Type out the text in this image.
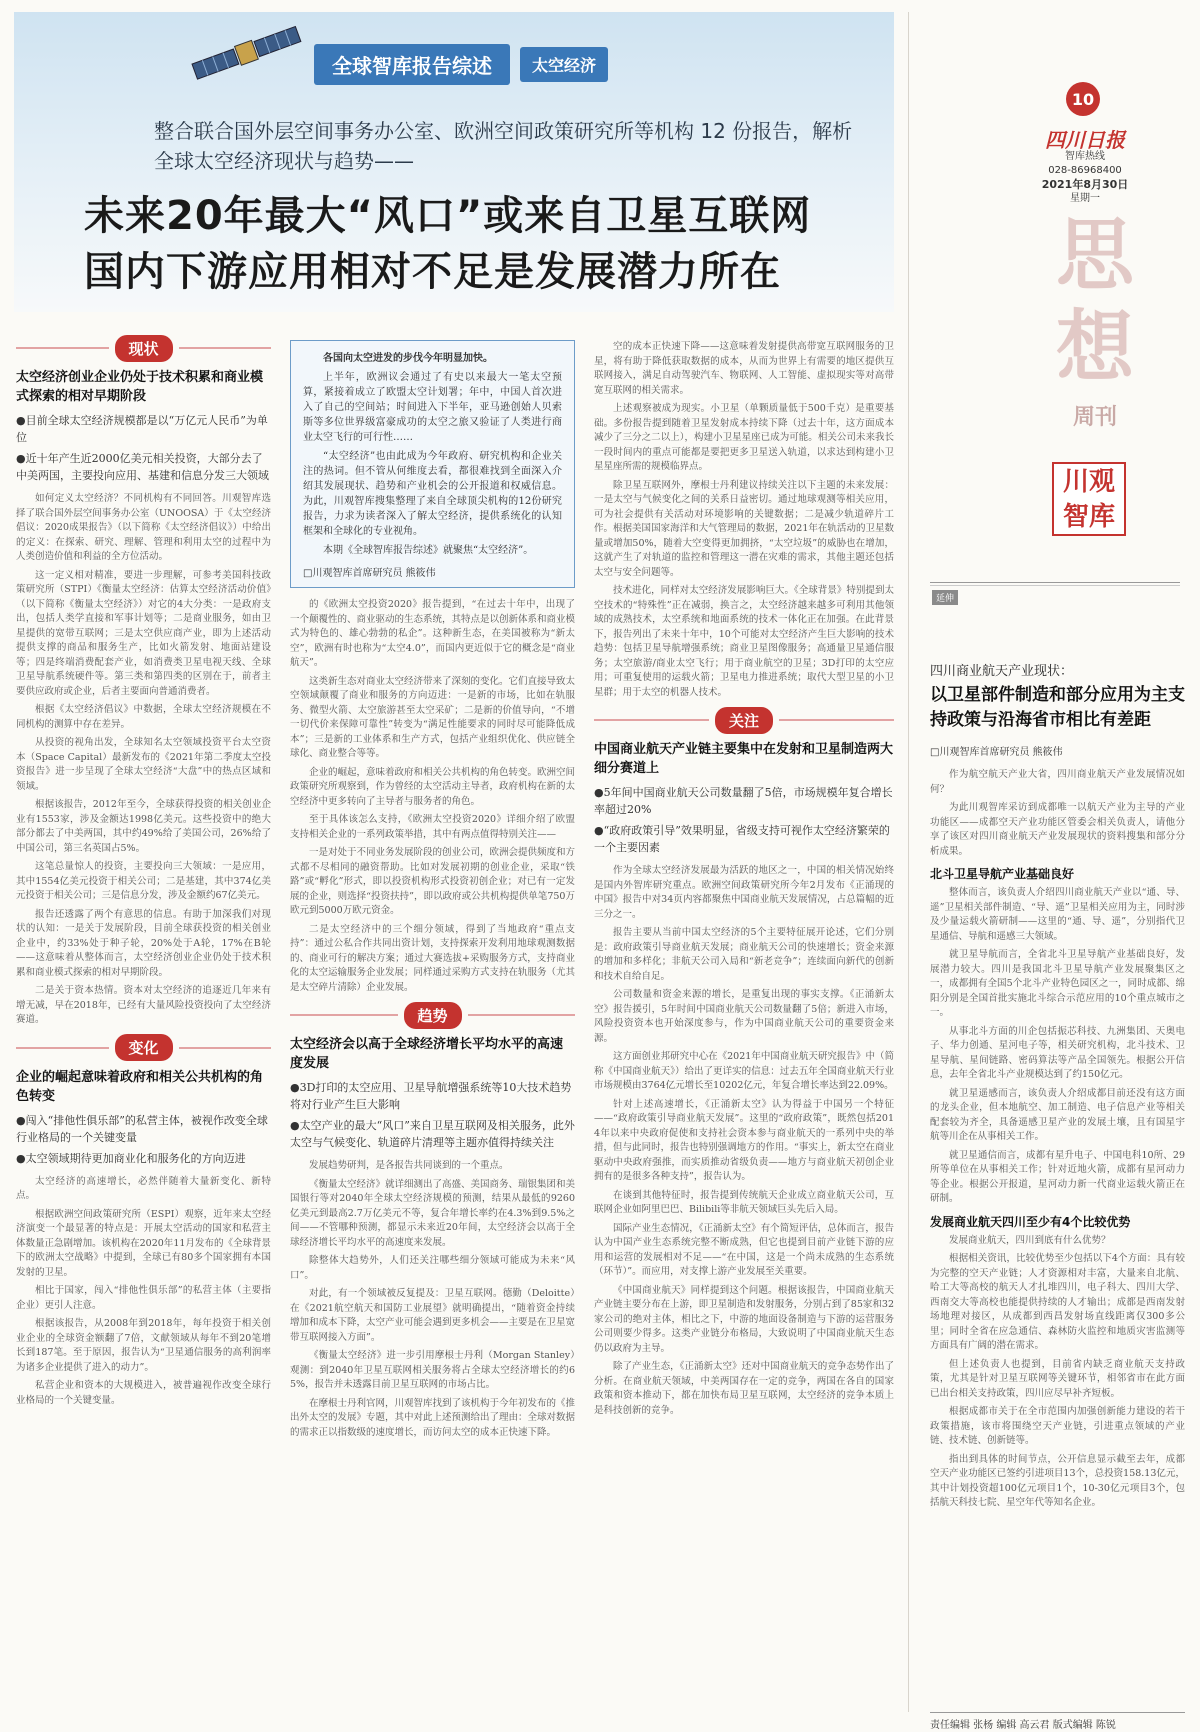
全球智库报告综述	太空经济
整合联合国外层空间事务办公室、欧洲空间政策研究所等机构 12 份报告，解析全球太空经济现状与趋势——
未来20年最大“风口”或来自卫星互联网
国内下游应用相对不足是发展潜力所在
10
四川日报
智库热线
028-86968400
2021年8月30日
星期一
思
想
周刊
川观
智库
延伸
现状
太空经济创业企业仍处于技术积累和商业模式探索的相对早期阶段
●目前全球太空经济规模都是以“万亿元人民币”为单位
●近十年产生近2000亿美元相关投资，大部分去了中美两国，主要投向应用、基建和信息分发三大领域

如何定义太空经济？不同机构有不同回答。川观智库选择了联合国外层空间事务办公室（UNOOSA）于《太空经济倡议：2020成果报告》（以下简称《太空经济倡议》）中给出的定义：在探索、研究、理解、管理和利用太空的过程中为人类创造价值和利益的全方位活动。

这一定义相对精准，要进一步理解，可参考美国科技政策研究所（STPI）《衡量太空经济：估算太空经济活动价值》（以下简称《衡量太空经济》）对它的4大分类：一是政府支出，包括人类学直接和军事计划等；二是商业服务，如由卫星提供的宽带互联网；三是太空供应商产业，即为上述活动提供支撑的商品和服务生产，比如火箭发射、地面站建设等；四是终端消费配套产业，如消费类卫星电视天线、全球卫星导航系统硬件等。第三类和第四类的区别在于，前者主要供应政府或企业，后者主要面向普通消费者。

根据《太空经济倡议》中数据，全球太空经济规模在不同机构的测算中存在差异。

从投资的视角出发，全球知名太空领域投资平台太空资本（Space Capital）最新发布的《2021年第二季度太空投资报告》进一步呈现了全球太空经济“大盘”中的热点区域和领域。

根据该报告，2012年至今，全球获得投资的相关创业企业有1553家，涉及金额达1998亿美元。这些投资中的绝大部分都去了中美两国，其中约49%给了美国公司，26%给了中国公司，第三名英国占5%。

这笔总量惊人的投资，主要投向三大领域：一是应用，其中1554亿美元投资于相关公司；二是基建，其中374亿美元投资于相关公司；三是信息分发，涉及金额约67亿美元。

报告还透露了两个有意思的信息。有助于加深我们对现状的认知：一是关于发展阶段，目前全球获投资的相关创业企业中，约33%处于种子轮，20%处于A轮，17%在B轮——这意味着从整体而言，太空经济创业企业仍处于技术积累和商业模式探索的相对早期阶段。

二是关于资本热情。资本对太空经济的追逐近几年来有增无减，早在2018年，已经有大量风险投资投向了太空经济赛道。

变化
企业的崛起意味着政府和相关公共机构的角色转变
●闯入“排他性俱乐部”的私营主体，被视作改变全球行业格局的一个关键变量
●太空领域期待更加商业化和服务化的方向迈进

太空经济的高速增长，必然伴随着大量新变化、新特点。

根据欧洲空间政策研究所（ESPI）观察，近年来太空经济演变一个最显著的特点是：开展太空活动的国家和私营主体数量正急剧增加。该机构在2020年11月发布的《全球背景下的欧洲太空战略》中提到，全球已有80多个国家拥有本国发射的卫星。

相比于国家，闯入“排他性俱乐部”的私营主体（主要指企业）更引人注意。

根据该报告，从2008年到2018年，每年投资于相关创业企业的全球资金额翻了7倍，文献领域从每年不到20笔增长到187笔。至于原因，报告认为“卫星通信服务的高利润率为诸多企业提供了进入的动力”。

私营企业和资本的大规模进入，被普遍视作改变全球行业格局的一个关键变量。

各国向太空进发的步伐今年明显加快。

上半年，欧洲议会通过了有史以来最大一笔太空预算，紧接着成立了欧盟太空计划署；年中，中国人首次进入了自己的空间站；时间进入下半年，亚马逊创始人贝索斯等多位世界级富豪成功的太空之旅又验证了人类进行商业太空飞行的可行性……

“太空经济”也由此成为今年政府、研究机构和企业关注的热词。但不管从何维度去看，都很难找到全面深入介绍其发展现状、趋势和产业机会的公开报道和权威信息。为此，川观智库搜集整理了来自全球顶尖机构的12份研究报告，力求为读者深入了解太空经济，提供系统化的认知框架和全球化的专业视角。

本期《全球智库报告综述》就聚焦“太空经济”。

□川观智库首席研究员 熊筱伟

的《欧洲太空投资2020》报告提到，“在过去十年中，出现了一个颠覆性的、商业驱动的生态系统，其特点是以创新体系和商业模式为特色的、雄心勃勃的私企”。这种新生态，在美国被称为“新太空”，欧洲有时也称为“太空4.0”，而国内更近似于它的概念是“商业航天”。

这类新生态对商业太空经济带来了深刻的变化。它们直接导致太空领域颠覆了商业和服务的方向迈进：一是新的市场，比如在轨服务、微型火箭、太空旅游甚至太空采矿；二是新的价值导向，“不增一切代价来保障可靠性”转变为“满足性能要求的同时尽可能降低成本”；三是新的工业体系和生产方式，包括产业组织优化、供应链全球化、商业整合等等。

企业的崛起，意味着政府和相关公共机构的角色转变。欧洲空间政策研究所观察到，作为曾经的太空活动主导者，政府机构在新的太空经济中更多转向了主导者与服务者的角色。

至于具体该怎么支持，《欧洲太空投资2020》详细介绍了欧盟支持相关企业的一系列政策举措，其中有两点值得特别关注——

一是对处于不同业务发展阶段的创业公司，欧洲会提供频度和方式都不尽相同的融资帮助。比如对发展初期的创业企业，采取“铁路”或“孵化”形式，即以投资机构形式投资初创企业；对已有一定发展的企业，则选择“投资扶持”，即以政府或公共机构提供单笔750万欧元到5000万欧元资金。

二是太空经济中的三个细分领域，得到了当地政府“重点支持”：通过公私合作共同出资计划，支持探索开发利用地球观测数据的、商业可行的解决方案；通过大赛选拔+采购服务方式，支持商业化的太空运输服务企业发展；同样通过采购方式支持在轨服务（尤其是太空碎片清除）企业发展。

趋势
太空经济会以高于全球经济增长平均水平的高速度发展
●3D打印的太空应用、卫星导航增强系统等10大技术趋势将对行业产生巨大影响
●太空产业的最大“风口”来自卫星互联网及相关服务，此外太空与气候变化、轨道碎片清理等主题亦值得持续关注

发展趋势研判，是各报告共同谈到的一个重点。

《衡量太空经济》就详细测出了高盛、美国商务、瑞银集团和美国银行等对2040年全球太空经济规模的预测，结果从最低的9260亿美元到最高2.7万亿美元不等，复合年增长率约在4.3%到9.5%之间——不管哪种预测，都显示未来近20年间，太空经济会以高于全球经济增长平均水平的高速度来发展。

除整体大趋势外，人们还关注哪些细分领域可能成为未来“风口”。

对此，有一个领域被反复提及：卫星互联网。德勤（Deloitte）在《2021航空航天和国防工业展望》就明确提出，“随着资金持续增加和成本下降，太空产业可能会遇到更多机会——主要是在卫星宽带互联网接入方面”。

《衡量太空经济》进一步引用摩根士丹利（Morgan Stanley）观测：到2040年卫星互联网相关服务将占全球太空经济增长的约65%，报告并未透露目前卫星互联网的市场占比。

在摩根士丹利官网，川观智库找到了该机构于今年初发布的《推出外太空的发展》专题，其中对此上述预测给出了理由：全球对数据的需求正以指数级的速度增长，而访问太空的成本正快速下降。

空的成本正快速下降——这意味着发射提供高带宽互联网服务的卫星，将有助于降低获取数据的成本，从而为世界上有需要的地区提供互联网接入，满足自动驾驶汽车、物联网、人工智能、虚拟现实等对高带宽互联网的相关需求。

上述观察被成为现实。小卫星（单颗质量低于500千克）是重要基础。多份报告提到随着卫星发射成本持续下降（过去十年，这方面成本减少了三分之二以上），构建小卫星星座已成为可能。相关公司未来我长一段时间内的重点可能都是要把更多卫星送入轨道，以求达到构建小卫星星座所需的规模临界点。

除卫星互联网外，摩根士丹利建议持续关注以下主题的未来发展：一是太空与气候变化之间的关系日益密切。通过地球观测等相关应用，可为社会提供有关活动对环境影响的关键数据；二是减少轨道碎片工作。根据美国国家海洋和大气管理局的数据，2021年在轨活动的卫星数量或增加50%，随着大空变得更加拥挤，“太空垃圾”的威胁也在增加，这就产生了对轨道的监控和管理这一潜在灾难的需求，其他主题还包括太空与安全问题等。

技术进化，同样对太空经济发展影响巨大。《全球背景》特别提到太空技术的“特殊性”正在减弱，换言之，太空经济越来越多可利用其他领域的成熟技术，太空系统和地面系统的技术一体化正在加强。在此背景下，报告列出了未来十年中，10个可能对太空经济产生巨大影响的技术趋势：包括卫星导航增强系统；商业卫星图像服务；高通量卫星通信服务；太空旅游/商业太空飞行；用于商业航空的卫星；3D打印的太空应用；可重复使用的运载火箭；卫星电力推进系统；取代大型卫星的小卫星群；用于太空的机器人技术。

关注
中国商业航天产业链主要集中在发射和卫星制造两大细分赛道上
●5年间中国商业航天公司数量翻了5倍，市场规模年复合增长率超过20%
●“政府政策引导”效果明显，省级支持可视作太空经济繁荣的一个主要因素

作为全球太空经济发展最为活跃的地区之一，中国的相关情况始终是国内外智库研究重点。欧洲空间政策研究所今年2月发布《正涌现的中国》报告中对34页内容都聚焦中国商业航天发展情况，占总篇幅的近三分之一。

报告主要从当前中国太空经济的5个主要特征展开论述，它们分别是：政府政策引导商业航天发展；商业航天公司的快速增长；资金来源的增加和多样化；非航天公司入局和“新老竞争”；连续面向新代的创新和技术自给自足。

公司数量和资金来源的增长，是重复出现的事实支撑。《正涌新太空》报告援引，5年时间中国商业航天公司数量翻了5倍；新进入市场，风险投资资本也开始深度参与，作为中国商业航天公司的重要资金来源。

这方面创业邦研究中心在《2021年中国商业航天研究报告》中（简称《中国商业航天》）给出了更详实的信息：过去五年全国商业航天行业市场规模由3764亿元增长至10202亿元，年复合增长率达到22.09%。

针对上述高速增长，《正涌新太空》认为得益于中国另一个特征——“政府政策引导商业航天发展”。这里的“政府政策”，既然包括2014年以来中央政府促使和支持社会资本参与商业航天的一系列中央的举措，但与此同时，报告也特别强调地方的作用。“事实上，新太空在商业驱动中央政府强推，而实质推动省级负责——地方与商业航天初创企业拥有的是很多各种支持”，报告认为。

在谈到其他特征时，报告提到传统航天企业成立商业航天公司，互联网企业如阿里巴巴、Bilibili等非航天领域巨头先后入局。

国际产业生态情况，《正涌新太空》有个简短评估，总体而言，报告认为中国产业生态系统完整不断成熟，但它也提到目前产业链下游的应用和运营的发展相对不足——“在中国，这是一个尚未成熟的生态系统（环节）”。而应用，对支撑上游产业发展至关重要。

《中国商业航天》同样提到这个问题。根据该报告，中国商业航天产业链主要分布在上游，即卫星制造和发射服务，分别占到了85家和32家公司的绝对主体，相比之下，中游的地面设备制造与下游的运营服务公司则要少得多。这类产业链分布格局，大致说明了中国商业航天生态仍以政府为主导。

除了产业生态，《正涌新太空》还对中国商业航天的竞争态势作出了分析。在商业航天领域，中美两国存在一定的竞争，两国在各自的国家政策和资本推动下，都在加快布局卫星互联网，太空经济的竞争本质上是科技创新的竞争。

四川商业航天产业现状：
以卫星部件制造和部分应用为主支持政策与沿海省市相比有差距
□川观智库首席研究员 熊筱伟

作为航空航天产业大省，四川商业航天产业发展情况如何？

为此川观智库采访到成都唯一以航天产业为主导的产业功能区——成都空天产业功能区管委会相关负责人，请他分享了该区对四川商业航天产业发展现状的资料搜集和部分分析成果。

北斗卫星导航产业基础良好

整体而言，该负责人介绍四川商业航天产业以“通、导、遥”卫星相关部件制造、“导、遥”卫星相关应用为主，同时涉及少量运载火箭研制——这里的“通、导、遥”，分别指代卫星通信、导航和遥感三大领域。

就卫星导航而言，全省北斗卫星导航产业基础良好，发展潜力较大。四川是我国北斗卫星导航产业发展聚集区之一，成都拥有全国5个北斗产业特色园区之一，同时成都、绵阳分别是全国首批实施北斗综合示范应用的10个重点城市之一。

从事北斗方面的川企包括振芯科技、九洲集团、天奥电子、华力创通、星河电子等，相关研究机构，北斗技术、卫星导航、星间链路、密码算法等产品全国领先。根据公开信息，去年全省北斗产业规模达到了约150亿元。

就卫星遥感而言，该负责人介绍成都目前还没有这方面的龙头企业，但本地航空、加工制造、电子信息产业等相关配套较为齐全，具备遥感卫星产业的发展土壤，且有国星宇航等川企在从事相关工作。

就卫星通信而言，成都有星升电子、中国电科10所、29所等单位在从事相关工作；针对近地火箭，成都有星河动力等企业。根据公开报道，星河动力新一代商业运载火箭正在研制。

发展商业航天四川至少有4个比较优势

发展商业航天，四川到底有什么优势？

根据相关资讯，比较优势至少包括以下4个方面：具有较为完整的空天产业链；人才资源相对丰富，大量来自北航、哈工大等高校的航天人才扎堆四川，电子科大、四川大学、西南交大等高校也能提供持续的人才输出；成都是西南发射场地理对接区，从成都到西昌发射场直线距离仅300多公里；同时全省在应急通信、森林防火监控和地质灾害监测等方面具有广阔的潜在需求。

但上述负责人也提到，目前省内缺乏商业航天支持政策，尤其是针对卫星互联网等关键环节，相邻省市在此方面已出台相关支持政策，四川应尽早补齐短板。

根据成都市关于在全市范围内加强创新能力建设的若干政策措施，该市将围绕空天产业链，引进重点领域的产业链、技术链、创新链等。

指出到具体的时间节点，公开信息显示截至去年，成都空天产业功能区已签约引进项目13个，总投资158.13亿元，其中计划投资超100亿元项目1个，10-30亿元项目3个，包括航天科技七院、星空年代等知名企业。

责任编辑 张杨 编辑 高云君 版式编辑 陈锐
